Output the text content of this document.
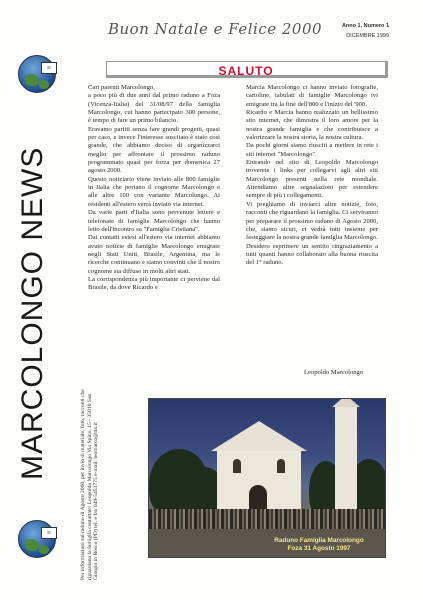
Buon Natale e Felice 2000	Anno 1, Numero 1
DICEMBRE 1999
≡
MARCOLONGO NEWS
≡	Per informazioni sul raduno di Agosto 2000, per invio di materiale, foto, racconti che riguardano la famiglia contattate: Leopoldo Marcolongo Via Spino, 15 - 35010 San Giorgio in Bosco (PD) tel. e fax 049-5453775 e-mail: leomarco@tin.it
SALUTO

Cari parenti Marcolongo,

a poco più di due anni dal primo raduno a Foza (Vicenza-Italia) del 31/08/97 della famiglia Marcolongo, cui hanno partecipato 300 persone, è tempo di fare un primo bilancio.

Eravamo partiti senza fare grandi progetti, quasi per caso, e invece l'interesse suscitato è stato così grande, che abbiamo deciso di organizzarci meglio per affrontare il prossimo raduno programmato quasi per forza per domenica 27 agosto 2000.

Questo notiziario viene inviato alle 800 famiglie in Italia che portano il cognome Marcolongo e alle altre 100 con variante Marcolungo. Ai residenti all'estero verrà inviato via internet.

Da varie parti d'Italia sono pervenute lettere e telefonate di famiglie Marcolongo che hanno letto dell'incontro su "Famiglia Cristiana".

Dai contatti estesi all'estero via internet abbiamo avuto notizie di famiglie Marcolongo emigrate negli Stati Uniti, Brasile, Argentina, ma le ricerche continuano e siamo convinti che il nostro cognome sia diffuso in molti altri stati.

La corrispondenza più importante ci perviene dal Brasile, da dove Ricardo e

Marcia Marcolongo ci hanno inviato fotografie, cartoline, tabulati di famiglie Marcolongo ivi emigrate tra la fine dell'800 e l'inizio del '900.

Ricardo e Marcia hanno realizzato un bellissimo sito internet, che dimostra il loro amore per la nostra grande famiglia e che contribuisce a valorizzare la nostra storia, la nostra cultura.

Da pochi giorni siamo riusciti a mettere in rete i siti internet "Marcolongo".

Entrando nel sito di Leopoldo Marcolongo troverete i links per collegarvi agli altri siti Marcolongo presenti nella rete mondiale. Attendiamo altre segnalazioni per estendere sempre di più i collegamenti.

Vi preghiamo di inviarci altre notizie, foto, racconti che riguardano la famiglia. Ci serviranno per preparare il prossimo raduno di Agosto 2000, che, siamo sicuri, ci vedrà tutti insieme per festeggiare la nostra grande famiglia Marcolongo.

Desidero esprimere un sentito ringraziamento a tutti quanti hanno collaborato alla buona riuscita del 1° raduno.

Leopoldo Marcolongo
Raduno Famiglia Marcolongo
Foza 31 Agosto 1997
